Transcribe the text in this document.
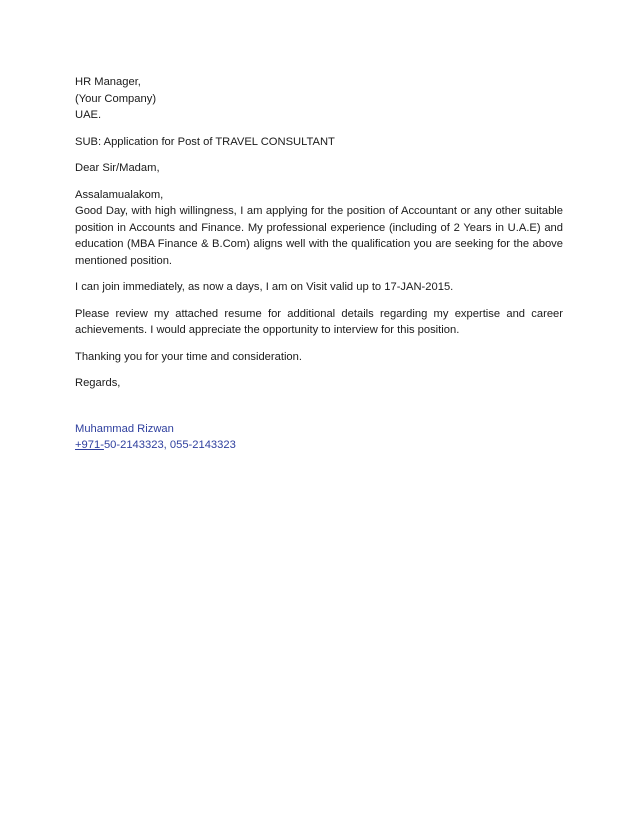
HR Manager,
(Your Company)
UAE.
SUB: Application for Post of TRAVEL CONSULTANT
Dear Sir/Madam,
Assalamualakom,
Good Day, with high willingness, I am applying for the position of Accountant or any other suitable position in Accounts and Finance. My professional experience (including of 2 Years in U.A.E) and education (MBA Finance & B.Com) aligns well with the qualification you are seeking for the above mentioned position.
I can join immediately, as now a days, I am on Visit valid up to 17-JAN-2015.
Please review my attached resume for additional details regarding my expertise and career achievements. I would appreciate the opportunity to interview for this position.
Thanking you for your time and consideration.
Regards,
Muhammad Rizwan
+971-50-2143323, 055-2143323
